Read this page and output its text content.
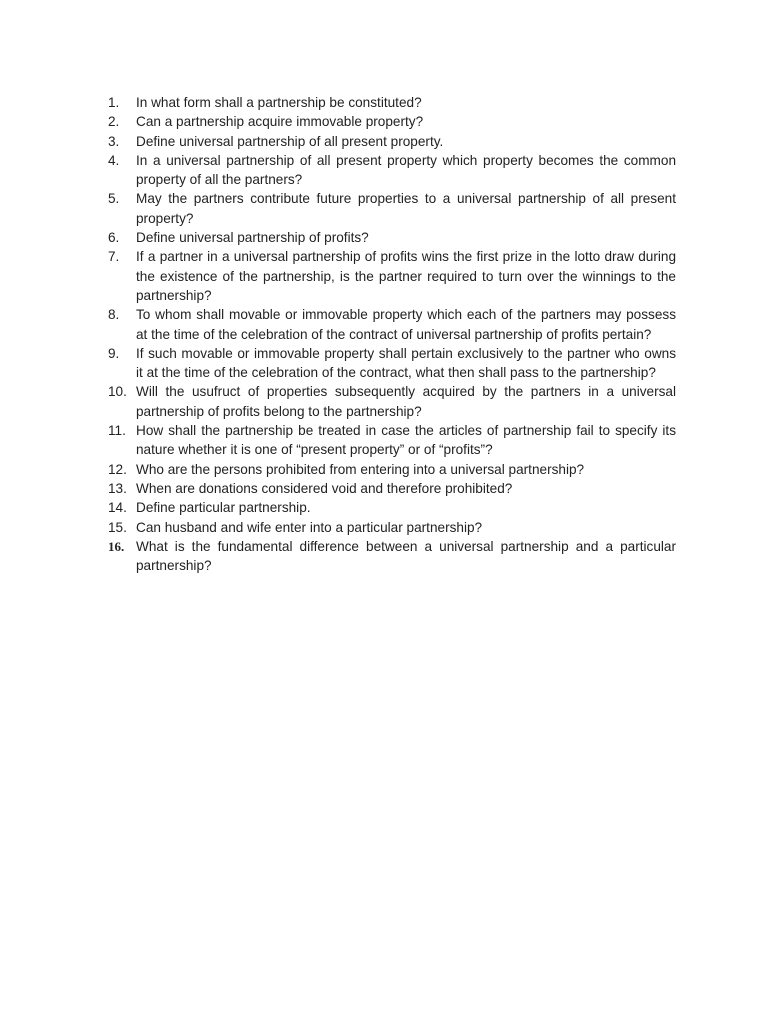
1.	In what form shall a partnership be constituted?
2.	Can a partnership acquire immovable property?
3.	Define universal partnership of all present property.
4.	In a universal partnership of all present property which property becomes the common property of all the partners?
5.	May the partners contribute future properties to a universal partnership of all present property?
6.	Define universal partnership of profits?
7.	If a partner in a universal partnership of profits wins the first prize in the lotto draw during the existence of the partnership, is the partner required to turn over the winnings to the partnership?
8.	To whom shall movable or immovable property which each of the partners may possess at the time of the celebration of the contract of universal partnership of profits pertain?
9.	If such movable or immovable property shall pertain exclusively to the partner who owns it at the time of the celebration of the contract, what then shall pass to the partnership?
10. Will the usufruct of properties subsequently acquired by the partners in a universal partnership of profits belong to the partnership?
11. How shall the partnership be treated in case the articles of partnership fail to specify its nature whether it is one of “present property” or of “profits”?
12. Who are the persons prohibited from entering into a universal partnership?
13. When are donations considered void and therefore prohibited?
14. Define particular partnership.
15. Can husband and wife enter into a particular partnership?
16. What is the fundamental difference between a universal partnership and a particular partnership?
